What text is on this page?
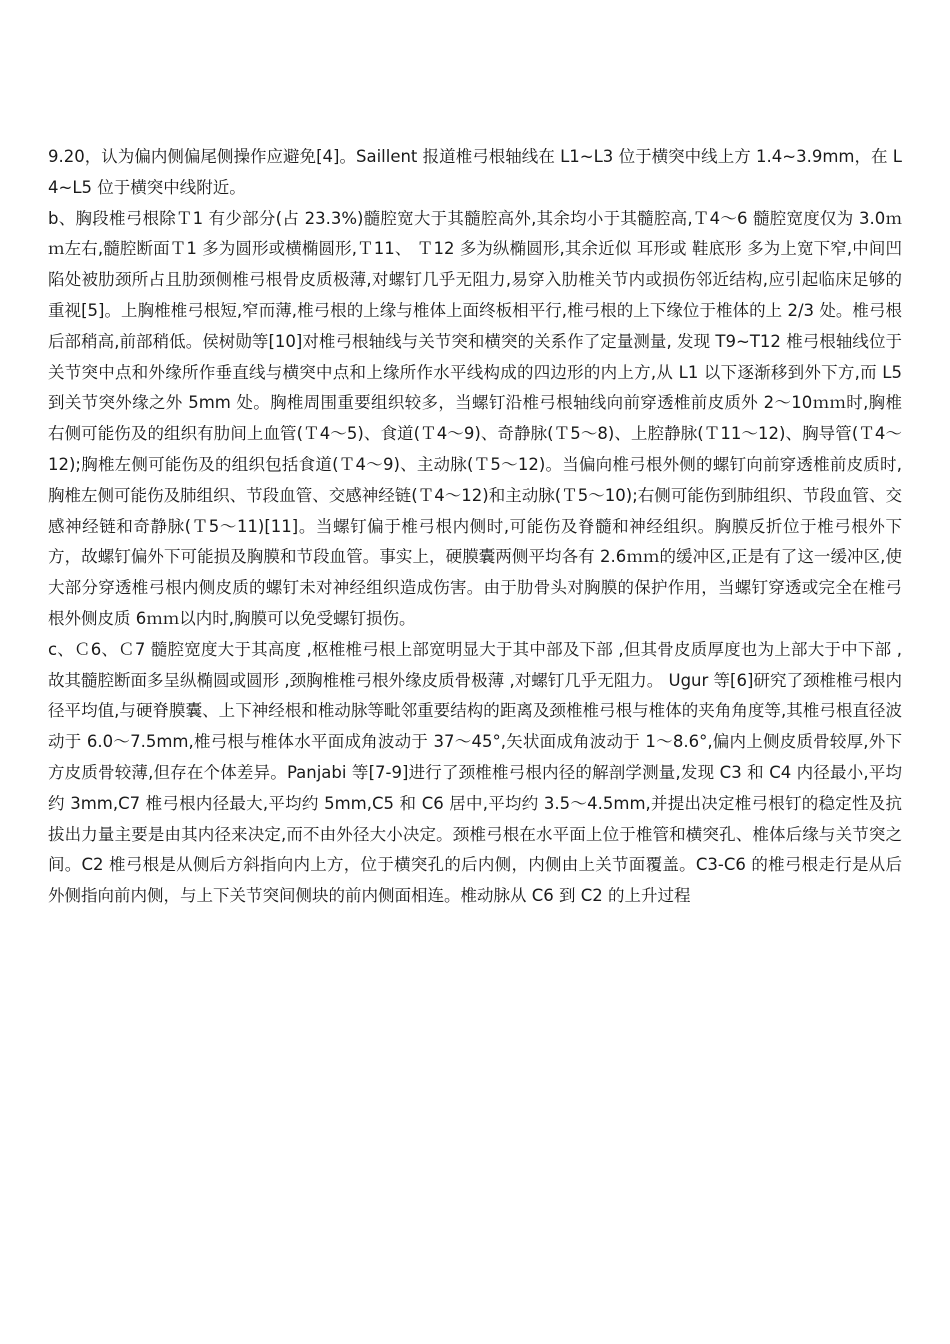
9.20，认为偏内侧偏尾侧操作应避免[4]。Saillent 报道椎弓根轴线在 L1~L3 位于横突中线上方 1.4~3.9mm，在 L4~L5 位于横突中线附近。

b、胸段椎弓根除Ｔ1 有少部分(占 23.3%)髓腔宽大于其髓腔高外,其余均小于其髓腔高,Ｔ4～6 髓腔宽度仅为 3.0ｍｍ左右,髓腔断面Ｔ1 多为圆形或横椭圆形,Ｔ11、 Ｔ12 多为纵椭圆形,其余近似 耳形或 鞋底形 多为上宽下窄,中间凹陷处被肋颈所占且肋颈侧椎弓根骨皮质极薄,对螺钉几乎无阻力,易穿入肋椎关节内或损伤邻近结构,应引起临床足够的重视[5]。上胸椎椎弓根短,窄而薄,椎弓根的上缘与椎体上面终板相平行,椎弓根的上下缘位于椎体的上 2/3 处。椎弓根后部稍高,前部稍低。侯树勋等[10]对椎弓根轴线与关节突和横突的关系作了定量测量, 发现 T9~T12 椎弓根轴线位于关节突中点和外缘所作垂直线与横突中点和上缘所作水平线构成的四边形的内上方,从 L1 以下逐渐移到外下方,而 L5 到关节突外缘之外 5mm 处。胸椎周围重要组织较多，当螺钉沿椎弓根轴线向前穿透椎前皮质外 2～10ｍｍ时,胸椎右侧可能伤及的组织有肋间上血管(Ｔ4～5)、食道(Ｔ4～9)、奇静脉(Ｔ5～8)、上腔静脉(Ｔ11～12)、胸导管(Ｔ4～12);胸椎左侧可能伤及的组织包括食道(Ｔ4～9)、主动脉(Ｔ5～12)。当偏向椎弓根外侧的螺钉向前穿透椎前皮质时,胸椎左侧可能伤及肺组织、节段血管、交感神经链(Ｔ4～12)和主动脉(Ｔ5～10);右侧可能伤到肺组织、节段血管、交感神经链和奇静脉(Ｔ5～11)[11]。当螺钉偏于椎弓根内侧时,可能伤及脊髓和神经组织。胸膜反折位于椎弓根外下方，故螺钉偏外下可能损及胸膜和节段血管。事实上，硬膜囊两侧平均各有 2.6ｍｍ的缓冲区,正是有了这一缓冲区,使大部分穿透椎弓根内侧皮质的螺钉未对神经组织造成伤害。由于肋骨头对胸膜的保护作用，当螺钉穿透或完全在椎弓根外侧皮质 6ｍｍ以内时,胸膜可以免受螺钉损伤。

c、Ｃ6、Ｃ7 髓腔宽度大于其高度 ,枢椎椎弓根上部宽明显大于其中部及下部 ,但其骨皮质厚度也为上部大于中下部 ,故其髓腔断面多呈纵椭圆或圆形 ,颈胸椎椎弓根外缘皮质骨极薄 ,对螺钉几乎无阻力。 Ugur 等[6]研究了颈椎椎弓根内径平均值,与硬脊膜囊、上下神经根和椎动脉等毗邻重要结构的距离及颈椎椎弓根与椎体的夹角角度等,其椎弓根直径波动于 6.0～7.5mm,椎弓根与椎体水平面成角波动于 37～45°,矢状面成角波动于 1～8.6°,偏内上侧皮质骨较厚,外下方皮质骨较薄,但存在个体差异。Panjabi 等[7-9]进行了颈椎椎弓根内径的解剖学测量,发现 C3 和 C4 内径最小,平均约 3mm,C7 椎弓根内径最大,平均约 5mm,C5 和 C6 居中,平均约 3.5～4.5mm,并提出决定椎弓根钉的稳定性及抗拔出力量主要是由其内径来决定,而不由外径大小决定。颈椎弓根在水平面上位于椎管和横突孔、椎体后缘与关节突之间。C2 椎弓根是从侧后方斜指向内上方，位于横突孔的后内侧，内侧由上关节面覆盖。C3-C6 的椎弓根走行是从后外侧指向前内侧，与上下关节突间侧块的前内侧面相连。椎动脉从 C6 到 C2 的上升过程
